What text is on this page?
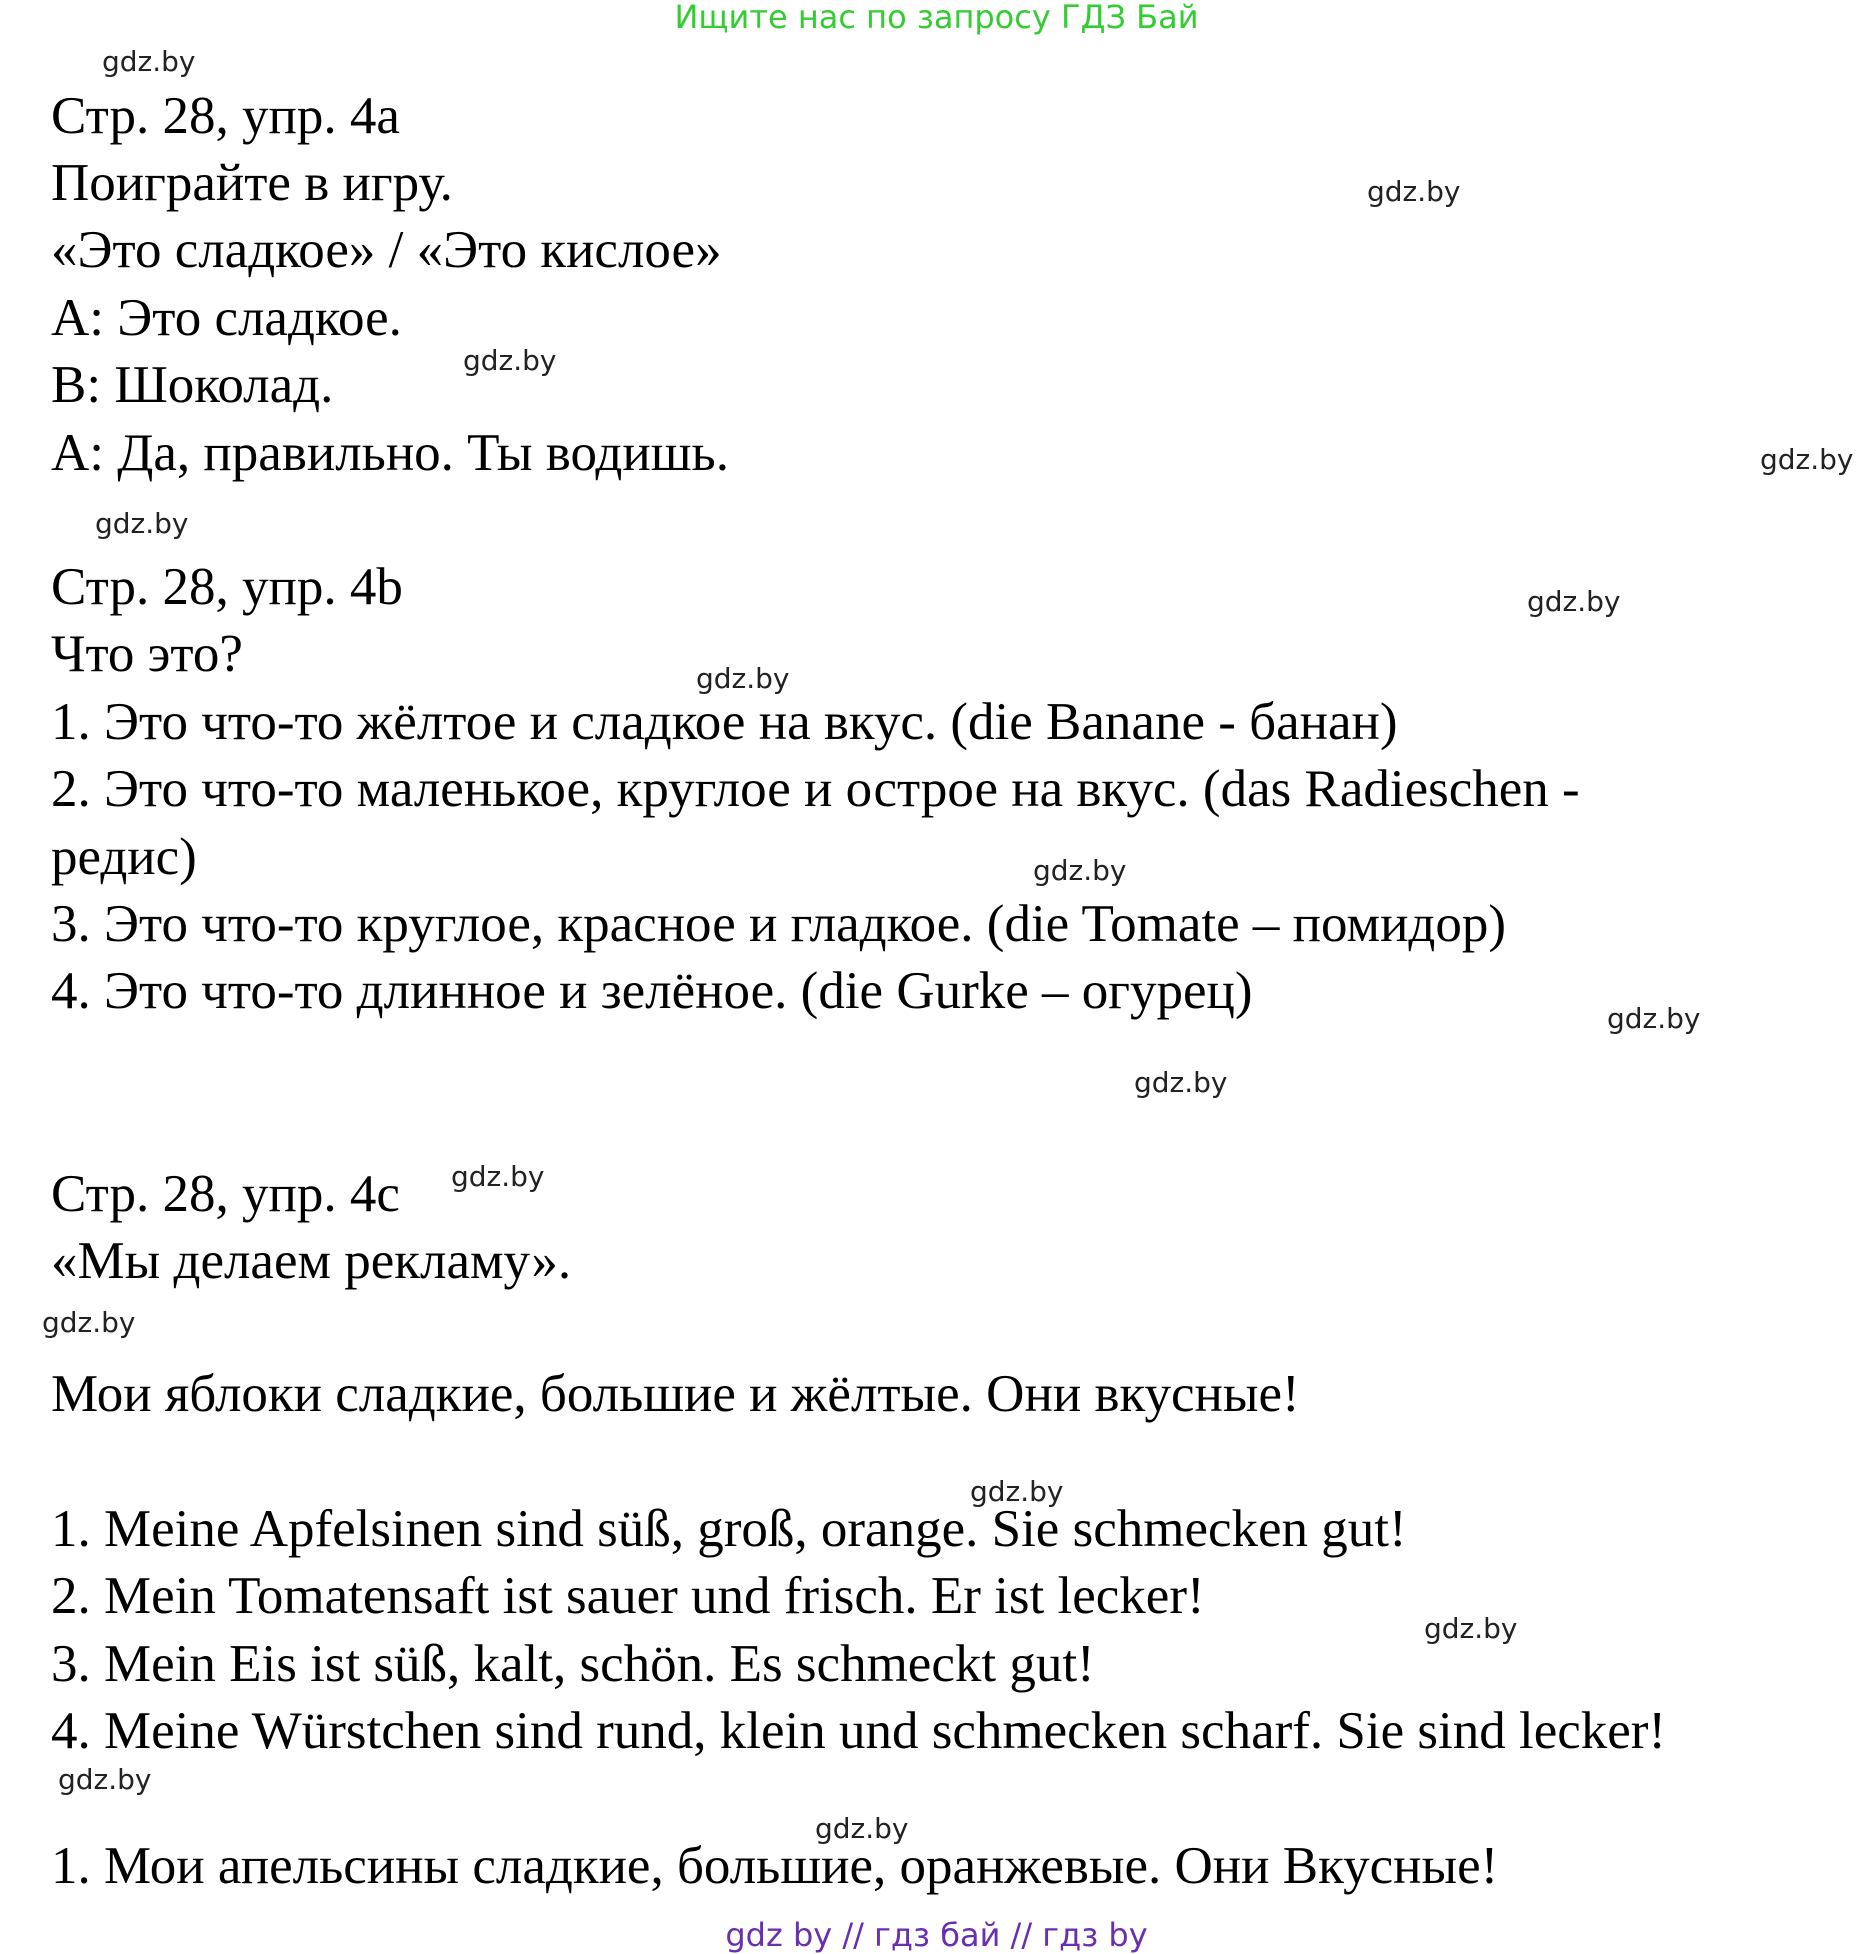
Ищите нас по запросу ГДЗ Бай
gdz.by
Стр. 28, упр. 4a
Поиграйте в игру.	gdz.by
«Это сладкое» / «Это кислое»
A: Это сладкое.
gdz.by
B: Шоколад.
A: Да, правильно. Ты водишь.	gdz.by
gdz.by
Стр. 28, упр. 4b	gdz.by
Что это?	gdz.by
1. Это что-то жёлтое и сладкое на вкус. (die Banane - банан)
2. Это что-то маленькое, круглое и острое на вкус. (das Radieschen -
редис)	gdz.by
3. Это что-то круглое, красное и гладкое. (die Tomate – помидор)
4. Это что-то длинное и зелёное. (die Gurke – огурец)	gdz.by
gdz.by
Стр. 28, упр. 4c gdz.by
«Мы делаем рекламу».
gdz.by
Мои яблоки сладкие, большие и жёлтые. Они вкусные!
gdz.by
1. Meine Apfelsinen sind süß, groß, orange. Sie schmecken gut!
2. Mein Tomatensaft ist sauer und frisch. Er ist lecker!
gdz.by
3. Mein Eis ist süß, kalt, schön. Es schmeckt gut!
4. Meine Würstchen sind rund, klein und schmecken scharf. Sie sind lecker!
gdz.by
gdz.by
1. Мои апельсины сладкие, большие, оранжевые. Они Вкусные!
gdz by // гдз бай // гдз by
